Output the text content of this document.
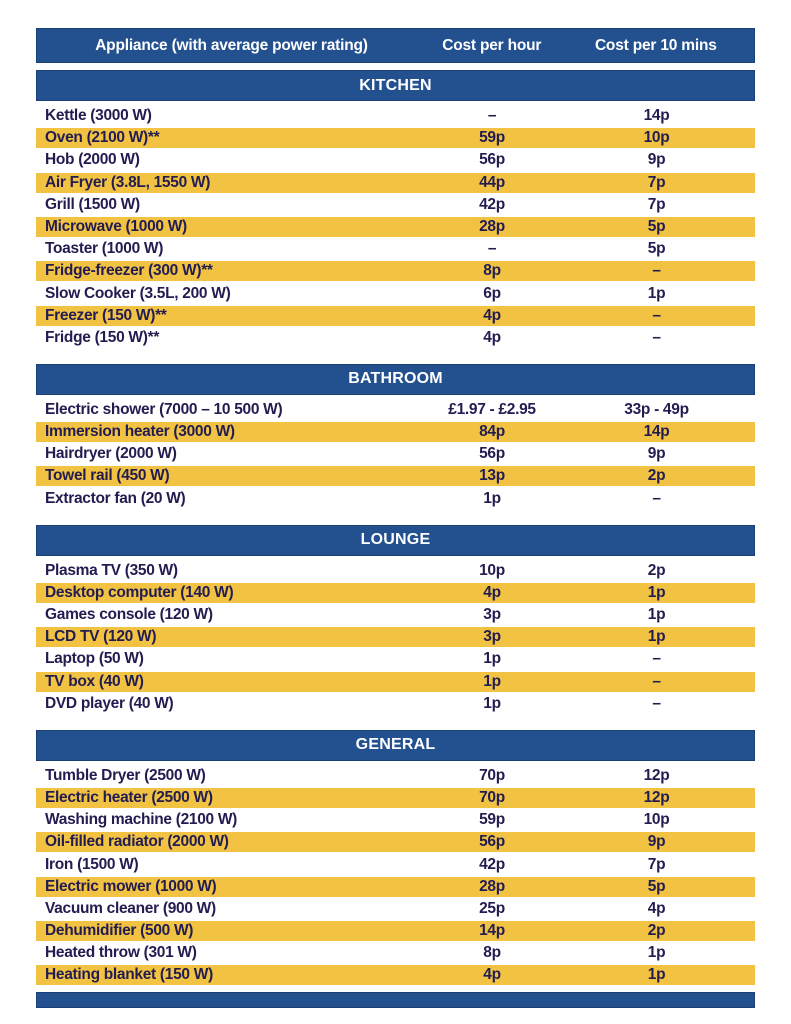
Appliance (with average power rating)	Cost per hour	Cost per 10 mins
KITCHEN
Kettle (3000 W)	–	14p
Oven (2100 W)**	59p	10p
Hob (2000 W)	56p	9p
Air Fryer (3.8L, 1550 W)	44p	7p
Grill (1500 W)	42p	7p
Microwave (1000 W)	28p	5p
Toaster (1000 W)	–	5p
Fridge-freezer (300 W)**	8p	–
Slow Cooker (3.5L, 200 W)	6p	1p
Freezer (150 W)**	4p	–
Fridge (150 W)**	4p	–
BATHROOM
Electric shower (7000 – 10 500 W)	£1.97 - £2.95	33p - 49p
Immersion heater (3000 W)	84p	14p
Hairdryer (2000 W)	56p	9p
Towel rail (450 W)	13p	2p
Extractor fan (20 W)	1p	–
LOUNGE
Plasma TV (350 W)	10p	2p
Desktop computer (140 W)	4p	1p
Games console (120 W)	3p	1p
LCD TV (120 W)	3p	1p
Laptop (50 W)	1p	–
TV box (40 W)	1p	–
DVD player (40 W)	1p	–
GENERAL
Tumble Dryer (2500 W)	70p	12p
Electric heater (2500 W)	70p	12p
Washing machine (2100 W)	59p	10p
Oil-filled radiator (2000 W)	56p	9p
Iron (1500 W)	42p	7p
Electric mower (1000 W)	28p	5p
Vacuum cleaner (900 W)	25p	4p
Dehumidifier (500 W)	14p	2p
Heated throw (301 W)	8p	1p
Heating blanket (150 W)	4p	1p
